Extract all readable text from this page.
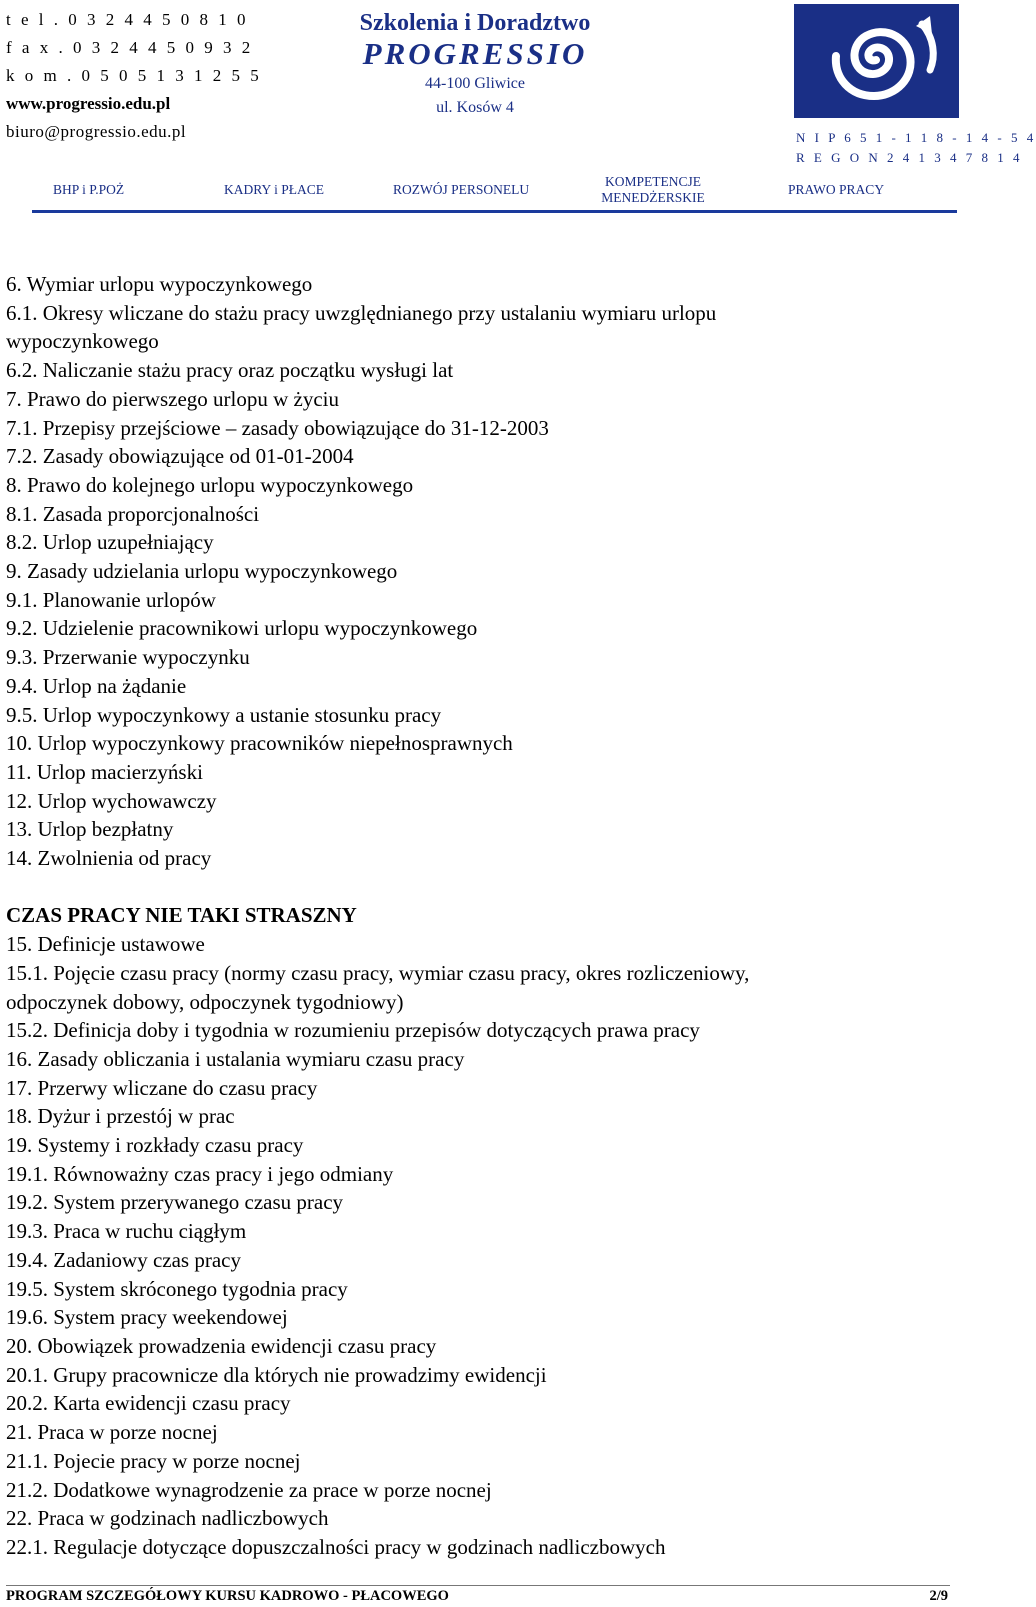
t e l . 0 3 2 4 4 5 0 8 1 0
f a x . 0 3 2 4 4 5 0 9 3 2
k o m . 0 5 0 5 1 3 1 2 5 5
www.progressio.edu.pl
biuro@progressio.edu.pl
Szkolenia i Doradztwo
PROGRESSIO
44-100 Gliwice
ul. Kosów 4
N I P 6 5 1 - 1 1 8 - 1 4 - 5 4
R E G O N 2 4 1 3 4 7 8 1 4
BHP i P.POŻ	KADRY i PŁACE	ROZWÓJ PERSONELU
KOMPETENCJE MENEDŻERSKIE
PRAWO PRACY
6. Wymiar urlopu wypoczynkowego
6.1. Okresy wliczane do stażu pracy uwzględnianego przy ustalaniu wymiaru urlopu
wypoczynkowego
6.2. Naliczanie stażu pracy oraz początku wysługi lat
7. Prawo do pierwszego urlopu w życiu
7.1. Przepisy przejściowe – zasady obowiązujące do 31-12-2003
7.2. Zasady obowiązujące od 01-01-2004
8. Prawo do kolejnego urlopu wypoczynkowego
8.1. Zasada proporcjonalności
8.2. Urlop uzupełniający
9. Zasady udzielania urlopu wypoczynkowego
9.1. Planowanie urlopów
9.2. Udzielenie pracownikowi urlopu wypoczynkowego
9.3. Przerwanie wypoczynku
9.4. Urlop na żądanie
9.5. Urlop wypoczynkowy a ustanie stosunku pracy
10. Urlop wypoczynkowy pracowników niepełnosprawnych
11. Urlop macierzyński
12. Urlop wychowawczy
13. Urlop bezpłatny
14. Zwolnienia od pracy
CZAS PRACY NIE TAKI STRASZNY
15. Definicje ustawowe
15.1. Pojęcie czasu pracy (normy czasu pracy, wymiar czasu pracy, okres rozliczeniowy,
odpoczynek dobowy, odpoczynek tygodniowy)
15.2. Definicja doby i tygodnia w rozumieniu przepisów dotyczących prawa pracy
16. Zasady obliczania i ustalania wymiaru czasu pracy
17. Przerwy wliczane do czasu pracy
18. Dyżur i przestój w prac
19. Systemy i rozkłady czasu pracy
19.1. Równoważny czas pracy i jego odmiany
19.2. System przerywanego czasu pracy
19.3. Praca w ruchu ciągłym
19.4. Zadaniowy czas pracy
19.5. System skróconego tygodnia pracy
19.6. System pracy weekendowej
20. Obowiązek prowadzenia ewidencji czasu pracy
20.1. Grupy pracownicze dla których nie prowadzimy ewidencji
20.2. Karta ewidencji czasu pracy
21. Praca w porze nocnej
21.1. Pojecie pracy w porze nocnej
21.2. Dodatkowe wynagrodzenie za prace w porze nocnej
22. Praca w godzinach nadliczbowych
22.1. Regulacje dotyczące dopuszczalności pracy w godzinach nadliczbowych
PROGRAM SZCZEGÓŁOWY KURSU KADROWO - PŁACOWEGO	2/9
